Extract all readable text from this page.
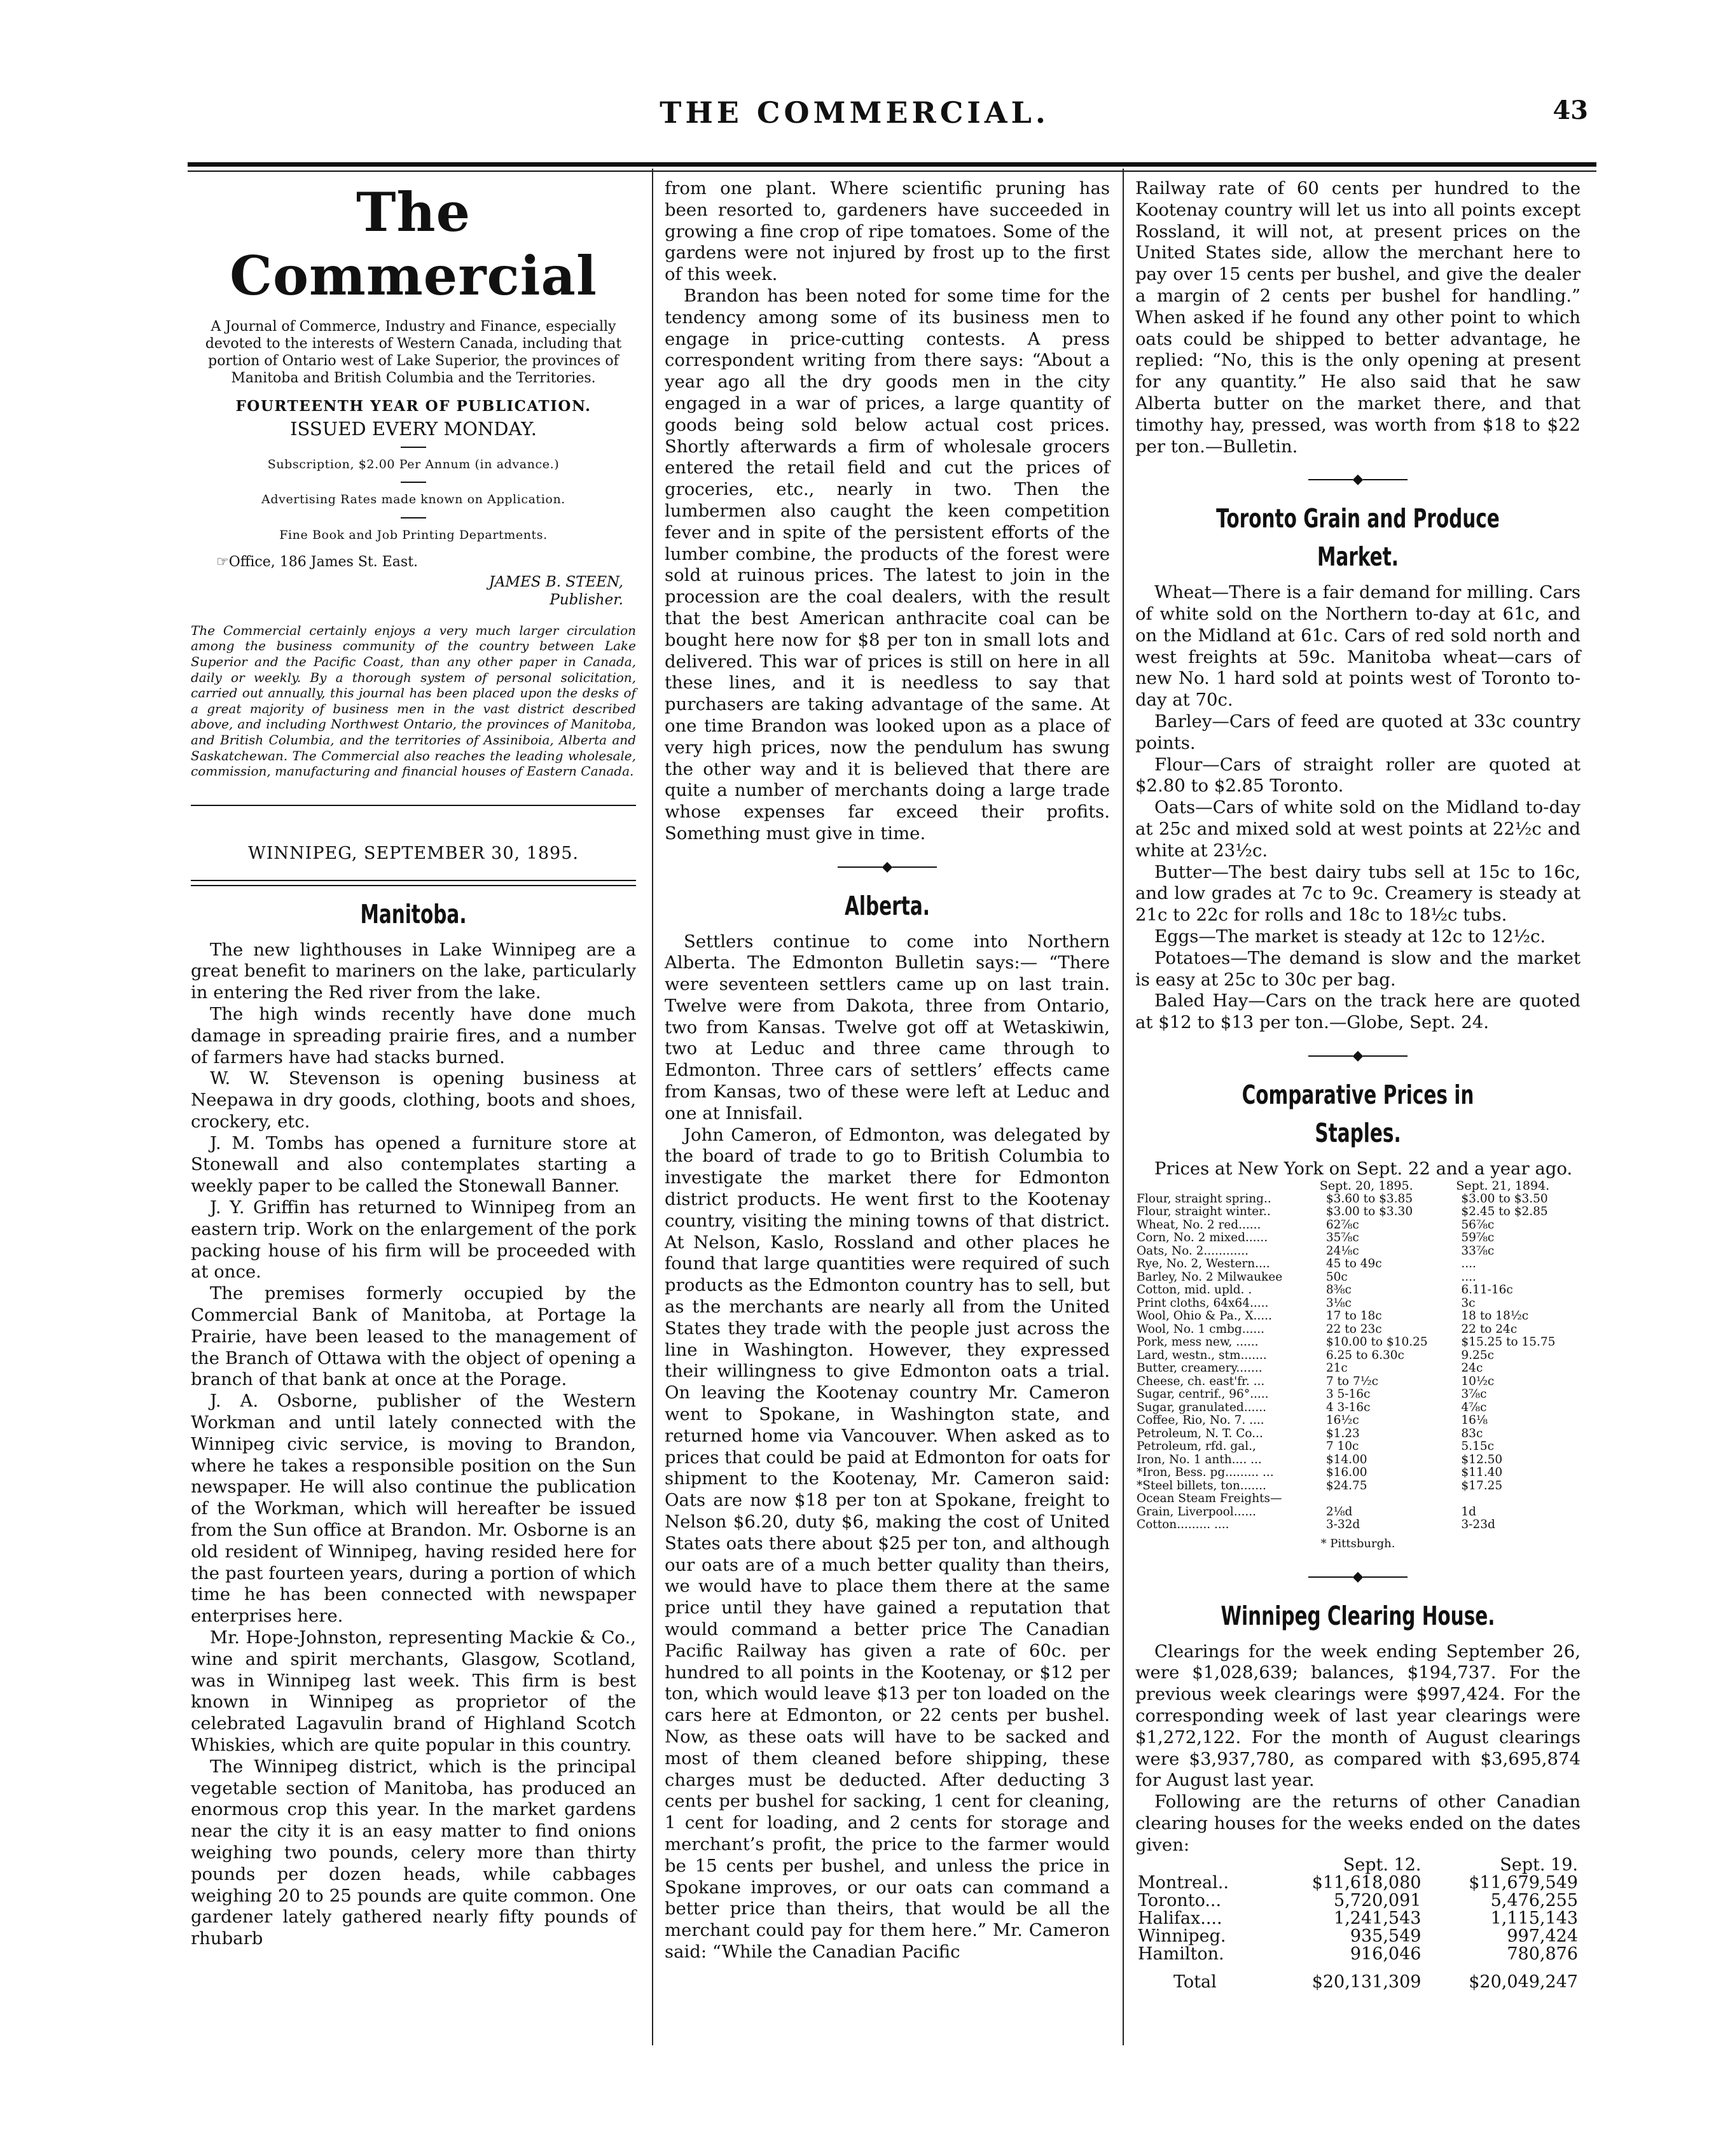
THE COMMERCIAL.	43
The Commercial
A Journal of Commerce, Industry and Finance, especially devoted to the interests of Western Canada, including that portion of Ontario west of Lake Superior, the provinces of Manitoba and British Columbia and the Territories.
FOURTEENTH YEAR OF PUBLICATION.
ISSUED EVERY MONDAY.
Subscription, $2.00 Per Annum (in advance.)
Advertising Rates made known on Application.
Fine Book and Job Printing Departments.
☞Office, 186 James St. East.
JAMES B. STEEN,
Publisher.
The Commercial certainly enjoys a very much larger circulation among the business community of the country between Lake Superior and the Pacific Coast, than any other paper in Canada, daily or weekly. By a thorough system of personal solicitation, carried out annually, this journal has been placed upon the desks of a great majority of business men in the vast district described above, and including Northwest Ontario, the provinces of Manitoba, and British Columbia, and the territories of Assiniboia, Alberta and Saskatchewan. The Commercial also reaches the leading wholesale, commission, manufacturing and financial houses of Eastern Canada.
WINNIPEG, SEPTEMBER 30, 1895.
Manitoba.

The new lighthouses in Lake Winnipeg are a great benefit to mariners on the lake, particularly in entering the Red river from the lake.

The high winds recently have done much damage in spreading prairie fires, and a number of farmers have had stacks burned.

W. W. Stevenson is opening business at Neepawa in dry goods, clothing, boots and shoes, crockery, etc.

J. M. Tombs has opened a furniture store at Stonewall and also contemplates starting a weekly paper to be called the Stonewall Banner.

J. Y. Griffin has returned to Winnipeg from an eastern trip. Work on the enlargement of the pork packing house of his firm will be proceeded with at once.

The premises formerly occupied by the Commercial Bank of Manitoba, at Portage la Prairie, have been leased to the management of the Branch of Ottawa with the object of opening a branch of that bank at once at the Porage.

J. A. Osborne, publisher of the Western Workman and until lately connected with the Winnipeg civic service, is moving to Brandon, where he takes a responsible position on the Sun newspaper. He will also continue the publication of the Workman, which will hereafter be issued from the Sun office at Brandon. Mr. Osborne is an old resident of Winnipeg, having resided here for the past fourteen years, during a portion of which time he has been connected with newspaper enterprises here.

Mr. Hope-Johnston, representing Mackie & Co., wine and spirit merchants, Glasgow, Scotland, was in Winnipeg last week. This firm is best known in Winnipeg as proprietor of the celebrated Lagavulin brand of Highland Scotch Whiskies, which are quite popular in this country.

The Winnipeg district, which is the principal vegetable section of Manitoba, has produced an enormous crop this year. In the market gardens near the city it is an easy matter to find onions weighing two pounds, celery more than thirty pounds per dozen heads, while cabbages weighing 20 to 25 pounds are quite common. One gardener lately gathered nearly fifty pounds of rhubarb

from one plant. Where scientific pruning has been resorted to, gardeners have succeeded in growing a fine crop of ripe tomatoes. Some of the gardens were not injured by frost up to the first of this week.

Brandon has been noted for some time for the tendency among some of its business men to engage in price-cutting contests. A press correspondent writing from there says: “About a year ago all the dry goods men in the city engaged in a war of prices, a large quantity of goods being sold below actual cost prices. Shortly afterwards a firm of wholesale grocers entered the retail field and cut the prices of groceries, etc., nearly in two. Then the lumbermen also caught the keen competition fever and in spite of the persistent efforts of the lumber combine, the products of the forest were sold at ruinous prices. The latest to join in the procession are the coal dealers, with the result that the best American anthracite coal can be bought here now for $8 per ton in small lots and delivered. This war of prices is still on here in all these lines, and it is needless to say that purchasers are taking advantage of the same. At one time Brandon was looked upon as a place of very high prices, now the pendulum has swung the other way and it is believed that there are quite a number of merchants doing a large trade whose expenses far exceed their profits. Something must give in time.

◆
Alberta.

Settlers continue to come into Northern Alberta. The Edmonton Bulletin says:— “There were seventeen settlers came up on last train. Twelve were from Dakota, three from Ontario, two from Kansas. Twelve got off at Wetaskiwin, two at Leduc and three came through to Edmonton. Three cars of settlers’ effects came from Kansas, two of these were left at Leduc and one at Innisfail.

John Cameron, of Edmonton, was delegated by the board of trade to go to British Columbia to investigate the market there for Edmonton district products. He went first to the Kootenay country, visiting the mining towns of that district. At Nelson, Kaslo, Rossland and other places he found that large quantities were required of such products as the Edmonton country has to sell, but as the merchants are nearly all from the United States they trade with the people just across the line in Washington. However, they expressed their willingness to give Edmonton oats a trial. On leaving the Kootenay country Mr. Cameron went to Spokane, in Washington state, and returned home via Vancouver. When asked as to prices that could be paid at Edmonton for oats for shipment to the Kootenay, Mr. Cameron said: Oats are now $18 per ton at Spokane, freight to Nelson $6.20, duty $6, making the cost of United States oats there about $25 per ton, and although our oats are of a much better quality than theirs, we would have to place them there at the same price until they have gained a reputation that would command a better price The Canadian Pacific Railway has given a rate of 60c. per hundred to all points in the Kootenay, or $12 per ton, which would leave $13 per ton loaded on the cars here at Edmonton, or 22 cents per bushel. Now, as these oats will have to be sacked and most of them cleaned before shipping, these charges must be deducted. After deducting 3 cents per bushel for sacking, 1 cent for cleaning, 1 cent for loading, and 2 cents for storage and merchant’s profit, the price to the farmer would be 15 cents per bushel, and unless the price in Spokane improves, or our oats can command a better price than theirs, that would be all the merchant could pay for them here.” Mr. Cameron said: “While the Canadian Pacific

Railway rate of 60 cents per hundred to the Kootenay country will let us into all points except Rossland, it will not, at present prices on the United States side, allow the merchant here to pay over 15 cents per bushel, and give the dealer a margin of 2 cents per bushel for handling.” When asked if he found any other point to which oats could be shipped to better advantage, he replied: “No, this is the only opening at present for any quantity.” He also said that he saw Alberta butter on the market there, and that timothy hay, pressed, was worth from $18 to $22 per ton.—Bulletin.

◆
Toronto Grain and Produce Market.

Wheat—There is a fair demand for milling. Cars of white sold on the Northern to-day at 61c, and on the Midland at 61c. Cars of red sold north and west freights at 59c. Manitoba wheat—cars of new No. 1 hard sold at points west of Toronto to-day at 70c.

Barley—Cars of feed are quoted at 33c country points.

Flour—Cars of straight roller are quoted at $2.80 to $2.85 Toronto.

Oats—Cars of white sold on the Midland to-day at 25c and mixed sold at west points at 22½c and white at 23½c.

Butter—The best dairy tubs sell at 15c to 16c, and low grades at 7c to 9c. Creamery is steady at 21c to 22c for rolls and 18c to 18½c tubs.

Eggs—The market is steady at 12c to 12½c.

Potatoes—The demand is slow and the market is easy at 25c to 30c per bag.

Baled Hay—Cars on the track here are quoted at $12 to $13 per ton.—Globe, Sept. 24.

◆
Comparative Prices in Staples.

Prices at New York on Sept. 22 and a year ago.

	Sept. 20, 1895.	Sept. 21, 1894.
Flour, straight spring..	$3.60 to $3.85	$3.00 to $3.50
Flour, straight winter..	$3.00 to $3.30	$2.45 to $2.85
Wheat, No. 2 red......	62⅞c	56⅞c
Corn, No. 2 mixed......	35⅞c	59⅞c
Oats, No. 2............	24⅛c	33⅞c
Rye, No. 2, Western....	45 to 49c	....
Barley, No. 2 Milwaukee	50c	....
Cotton, mid. upld. .	8⅜c	6.11-16c
Print cloths, 64x64.....	3⅛c	3c
Wool, Ohio & Pa., X.....	17 to 18c	18 to 18½c
Wool, No. 1 cmbg......	22 to 23c	22 to 24c
Pork, mess new, ......	$10.00 to $10.25	$15.25 to 15.75
Lard, westn., stm.......	6.25 to 6.30c	9.25c
Butter, creamery.......	21c	24c
Cheese, ch. east'fr. ...	7 to 7½c	10½c
Sugar, centrif., 96°.....	3 5-16c	3⅞c
Sugar, granulated......	4 3-16c	4⅞c
Coffee, Rio, No. 7. ....	16½c	16⅛
Petroleum, N. T. Co...	$1.23	83c
Petroleum, rfd. gal.,	7 10c	5.15c
Iron, No. 1 anth.... ...	$14.00	$12.50
*Iron, Bess. pg......... ...	$16.00	$11.40
*Steel billets, ton.......	$24.75	$17.25
Ocean Steam Freights—		
Grain, Liverpool......	2⅛d	1d
Cotton......... ....	3-32d	3-23d
* Pittsburgh.
◆
Winnipeg Clearing House.

Clearings for the week ending September 26, were $1,028,639; balances, $194,737. For the previous week clearings were $997,424. For the corresponding week of last year clearings were $1,272,122. For the month of August clearings were $3,937,780, as compared with $3,695,874 for August last year.

Following are the returns of other Canadian clearing houses for the weeks ended on the dates given:

	Sept. 12.	Sept. 19.
Montreal..	$11,618,080	$11,679,549
Toronto...	5,720,091	5,476,255
Halifax....	1,241,543	1,115,143
Winnipeg.	935,549	997,424
Hamilton.	916,046	780,876
Total	$20,131,309	$20,049,247
